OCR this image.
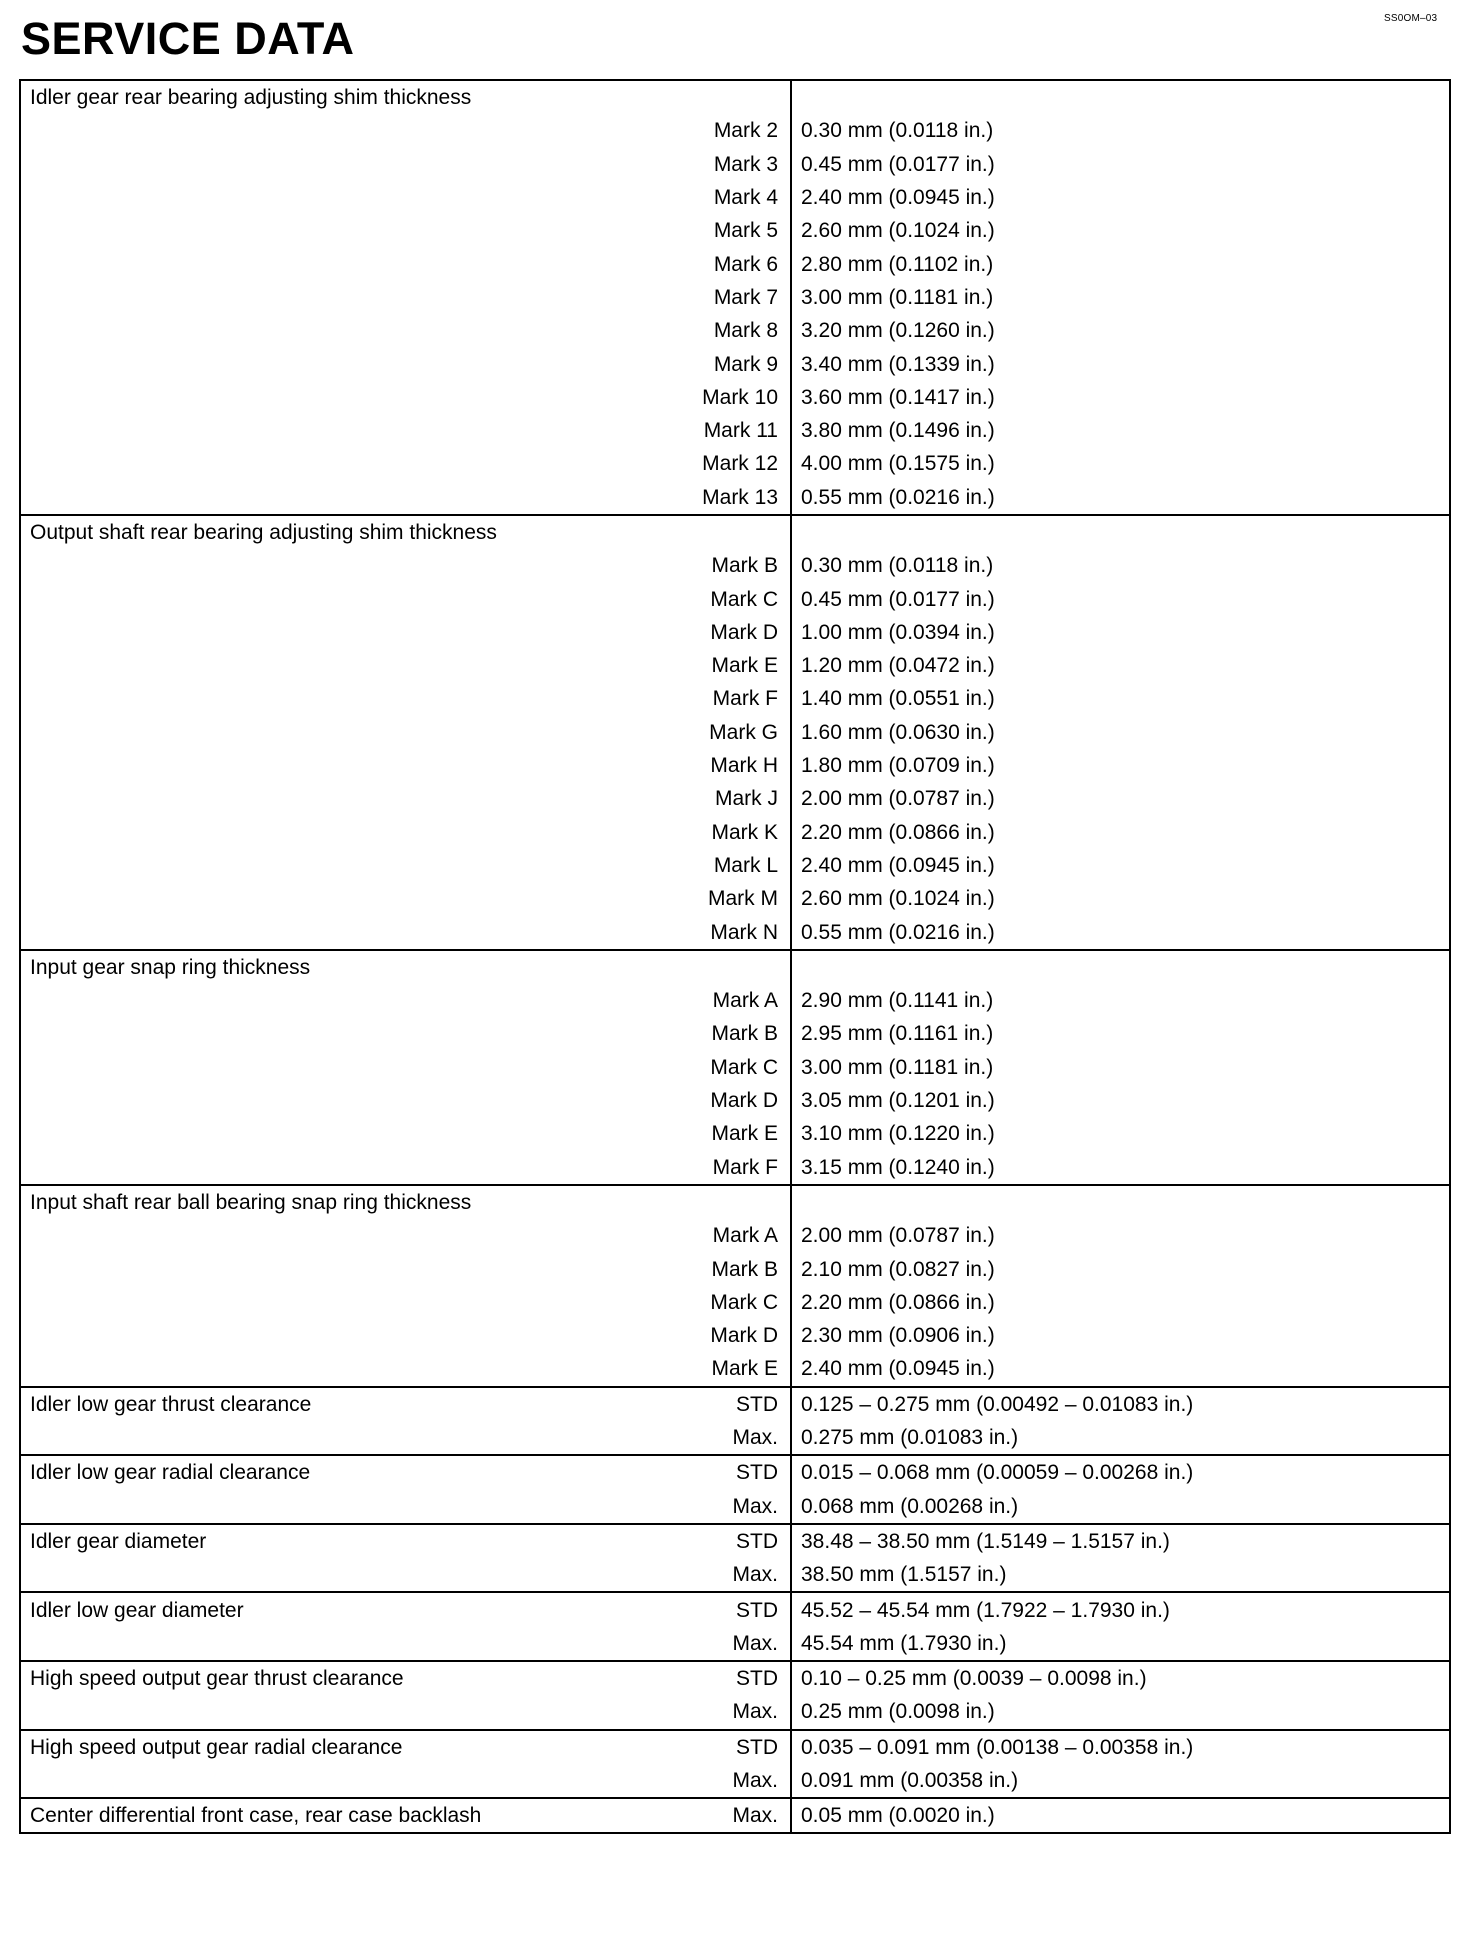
SS0OM–03
SERVICE DATA
Idler gear rear bearing adjusting shim thickness
Mark 2	0.30 mm (0.0118 in.)
Mark 3	0.45 mm (0.0177 in.)
Mark 4	2.40 mm (0.0945 in.)
Mark 5	2.60 mm (0.1024 in.)
Mark 6	2.80 mm (0.1102 in.)
Mark 7	3.00 mm (0.1181 in.)
Mark 8	3.20 mm (0.1260 in.)
Mark 9	3.40 mm (0.1339 in.)
Mark 10	3.60 mm (0.1417 in.)
Mark 11	3.80 mm (0.1496 in.)
Mark 12	4.00 mm (0.1575 in.)
Mark 13	0.55 mm (0.0216 in.)
Output shaft rear bearing adjusting shim thickness
Mark B	0.30 mm (0.0118 in.)
Mark C	0.45 mm (0.0177 in.)
Mark D	1.00 mm (0.0394 in.)
Mark E	1.20 mm (0.0472 in.)
Mark F	1.40 mm (0.0551 in.)
Mark G	1.60 mm (0.0630 in.)
Mark H	1.80 mm (0.0709 in.)
Mark J	2.00 mm (0.0787 in.)
Mark K	2.20 mm (0.0866 in.)
Mark L	2.40 mm (0.0945 in.)
Mark M	2.60 mm (0.1024 in.)
Mark N	0.55 mm (0.0216 in.)
Input gear snap ring thickness
Mark A	2.90 mm (0.1141 in.)
Mark B	2.95 mm (0.1161 in.)
Mark C	3.00 mm (0.1181 in.)
Mark D	3.05 mm (0.1201 in.)
Mark E	3.10 mm (0.1220 in.)
Mark F	3.15 mm (0.1240 in.)
Input shaft rear ball bearing snap ring thickness
Mark A	2.00 mm (0.0787 in.)
Mark B	2.10 mm (0.0827 in.)
Mark C	2.20 mm (0.0866 in.)
Mark D	2.30 mm (0.0906 in.)
Mark E	2.40 mm (0.0945 in.)
Idler low gear thrust clearance	STD	0.125 – 0.275 mm (0.00492 – 0.01083 in.)
Max.	0.275 mm (0.01083 in.)
Idler low gear radial clearance	STD	0.015 – 0.068 mm (0.00059 – 0.00268 in.)
Max.	0.068 mm (0.00268 in.)
Idler gear diameter	STD	38.48 – 38.50 mm (1.5149 – 1.5157 in.)
Max.	38.50 mm (1.5157 in.)
Idler low gear diameter	STD	45.52 – 45.54 mm (1.7922 – 1.7930 in.)
Max.	45.54 mm (1.7930 in.)
High speed output gear thrust clearance	STD	0.10 – 0.25 mm (0.0039 – 0.0098 in.)
Max.	0.25 mm (0.0098 in.)
High speed output gear radial clearance	STD	0.035 – 0.091 mm (0.00138 – 0.00358 in.)
Max.	0.091 mm (0.00358 in.)
Center differential front case, rear case backlash	Max.	0.05 mm (0.0020 in.)
